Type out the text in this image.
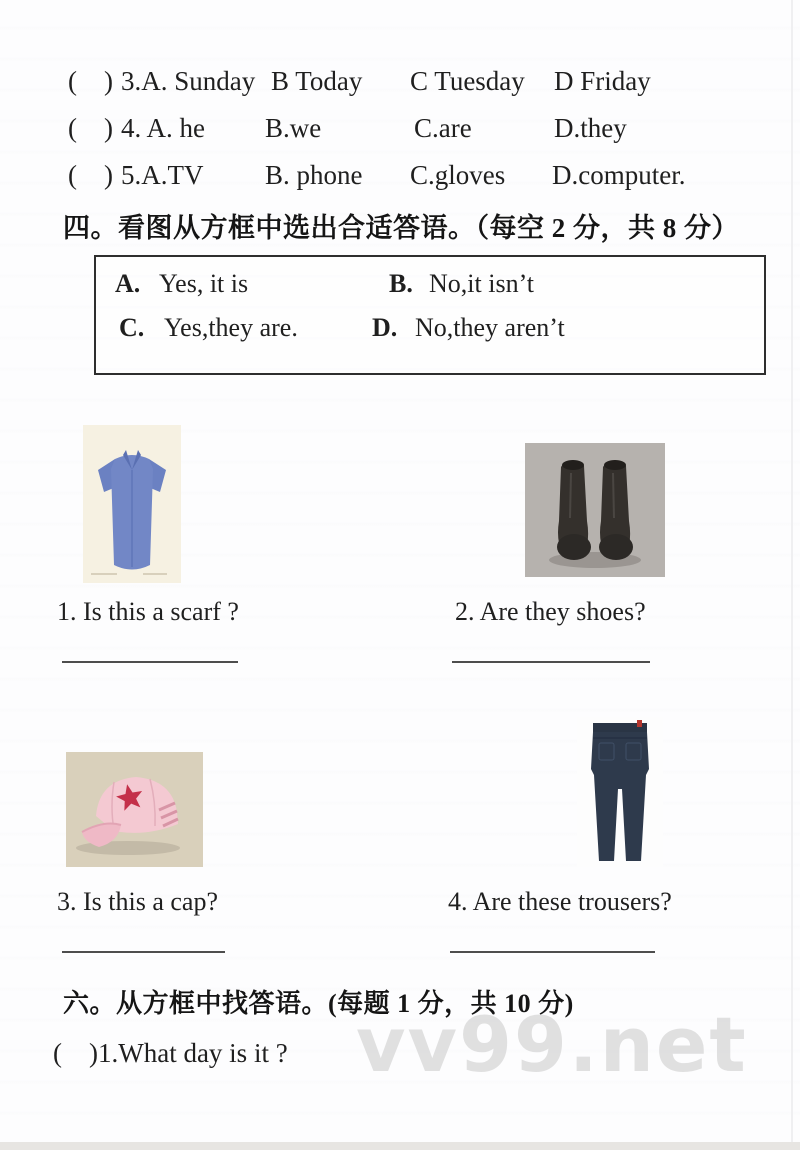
(    ) 3.A. Sunday B Today C Tuesday D Friday
(    ) 4. A. he B.we	C.are	D.they
(    ) 5.A.TV B. phone C.gloves D.computer.
四。看图从方框中选出合适答语。（每空 2 分，共 8 分）
A. Yes, it is	B. No,it isn’t
C. Yes,they are.	D. No,they aren’t
1. Is this a scarf ?	2. Are they shoes?
3. Is this a cap?	4. Are these trousers?
六。从方框中找答语。(每题 1 分，共 10 分)
(    )1.What day is it ? vv99.net
